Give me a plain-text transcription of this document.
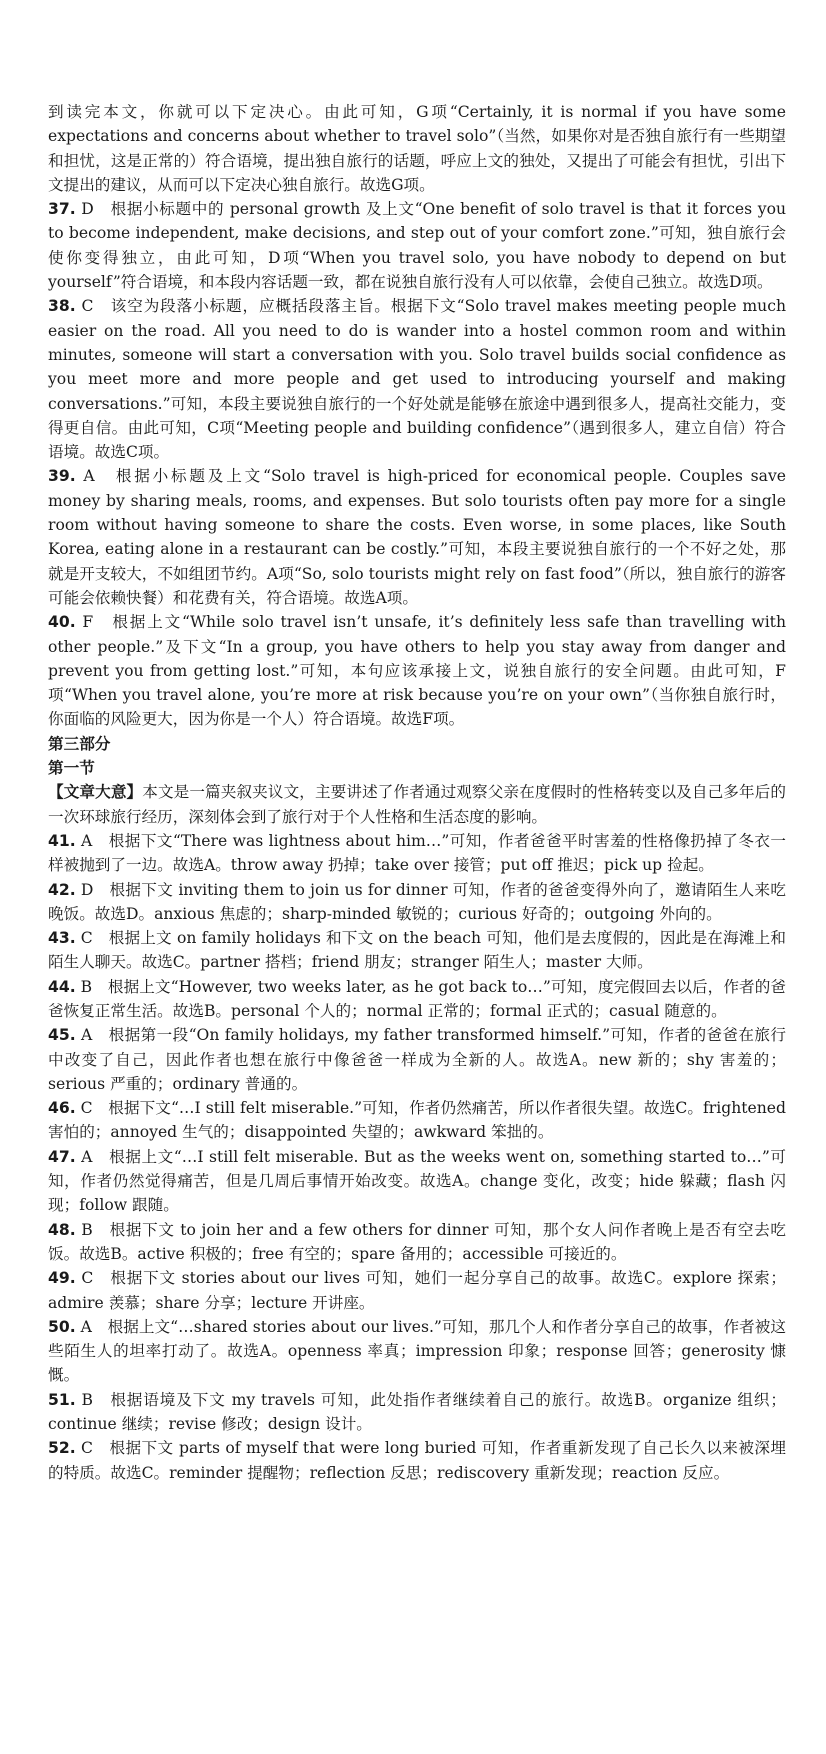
到读完本文，你就可以下定决心。由此可知，G项“Certainly, it is normal if you have some expectations and concerns about whether to travel solo”（当然，如果你对是否独自旅行有一些期望和担忧，这是正常的）符合语境，提出独自旅行的话题，呼应上文的独处，又提出了可能会有担忧，引出下文提出的建议，从而可以下定决心独自旅行。故选G项。

37. D　根据小标题中的 personal growth 及上文“One benefit of solo travel is that it forces you to become independent, make decisions, and step out of your comfort zone.”可知，独自旅行会使你变得独立，由此可知，D项“When you travel solo, you have nobody to depend on but yourself”符合语境，和本段内容话题一致，都在说独自旅行没有人可以依靠，会使自己独立。故选D项。

38. C　该空为段落小标题，应概括段落主旨。根据下文“Solo travel makes meeting people much easier on the road. All you need to do is wander into a hostel common room and within minutes, someone will start a conversation with you. Solo travel builds social confidence as you meet more and more people and get used to introducing yourself and making conversations.”可知，本段主要说独自旅行的一个好处就是能够在旅途中遇到很多人，提高社交能力，变得更自信。由此可知，C项“Meeting people and building confidence”（遇到很多人，建立自信）符合语境。故选C项。

39. A　根据小标题及上文“Solo travel is high-priced for economical people. Couples save money by sharing meals, rooms, and expenses. But solo tourists often pay more for a single room without having someone to share the costs. Even worse, in some places, like South Korea, eating alone in a restaurant can be costly.”可知，本段主要说独自旅行的一个不好之处，那就是开支较大，不如组团节约。A项“So, solo tourists might rely on fast food”（所以，独自旅行的游客可能会依赖快餐）和花费有关，符合语境。故选A项。

40. F　根据上文“While solo travel isn’t unsafe, it’s definitely less safe than travelling with other people.”及下文“In a group, you have others to help you stay away from danger and prevent you from getting lost.”可知，本句应该承接上文，说独自旅行的安全问题。由此可知，F项“When you travel alone, you’re more at risk because you’re on your own”（当你独自旅行时，你面临的风险更大，因为你是一个人）符合语境。故选F项。

第三部分

第一节

【文章大意】本文是一篇夹叙夹议文，主要讲述了作者通过观察父亲在度假时的性格转变以及自己多年后的一次环球旅行经历，深刻体会到了旅行对于个人性格和生活态度的影响。

41. A　根据下文“There was lightness about him…”可知，作者爸爸平时害羞的性格像扔掉了冬衣一样被抛到了一边。故选A。throw away 扔掉；take over 接管；put off 推迟；pick up 捡起。

42. D　根据下文 inviting them to join us for dinner 可知，作者的爸爸变得外向了，邀请陌生人来吃晚饭。故选D。anxious 焦虑的；sharp-minded 敏锐的；curious 好奇的；outgoing 外向的。

43. C　根据上文 on family holidays 和下文 on the beach 可知，他们是去度假的，因此是在海滩上和陌生人聊天。故选C。partner 搭档；friend 朋友；stranger 陌生人；master 大师。

44. B　根据上文“However, two weeks later, as he got back to…”可知，度完假回去以后，作者的爸爸恢复正常生活。故选B。personal 个人的；normal 正常的；formal 正式的；casual 随意的。

45. A　根据第一段“On family holidays, my father transformed himself.”可知，作者的爸爸在旅行中改变了自己，因此作者也想在旅行中像爸爸一样成为全新的人。故选A。new 新的；shy 害羞的；serious 严重的；ordinary 普通的。

46. C　根据下文“…I still felt miserable.”可知，作者仍然痛苦，所以作者很失望。故选C。frightened 害怕的；annoyed 生气的；disappointed 失望的；awkward 笨拙的。

47. A　根据上文“…I still felt miserable. But as the weeks went on, something started to…”可知，作者仍然觉得痛苦，但是几周后事情开始改变。故选A。change 变化，改变；hide 躲藏；flash 闪现；follow 跟随。

48. B　根据下文 to join her and a few others for dinner 可知，那个女人问作者晚上是否有空去吃饭。故选B。active 积极的；free 有空的；spare 备用的；accessible 可接近的。

49. C　根据下文 stories about our lives 可知，她们一起分享自己的故事。故选C。explore 探索；admire 羡慕；share 分享；lecture 开讲座。

50. A　根据上文“…shared stories about our lives.”可知，那几个人和作者分享自己的故事，作者被这些陌生人的坦率打动了。故选A。openness 率真；impression 印象；response 回答；generosity 慷慨。

51. B　根据语境及下文 my travels 可知，此处指作者继续着自己的旅行。故选B。organize 组织；continue 继续；revise 修改；design 设计。

52. C　根据下文 parts of myself that were long buried 可知，作者重新发现了自己长久以来被深埋的特质。故选C。reminder 提醒物；reflection 反思；rediscovery 重新发现；reaction 反应。
